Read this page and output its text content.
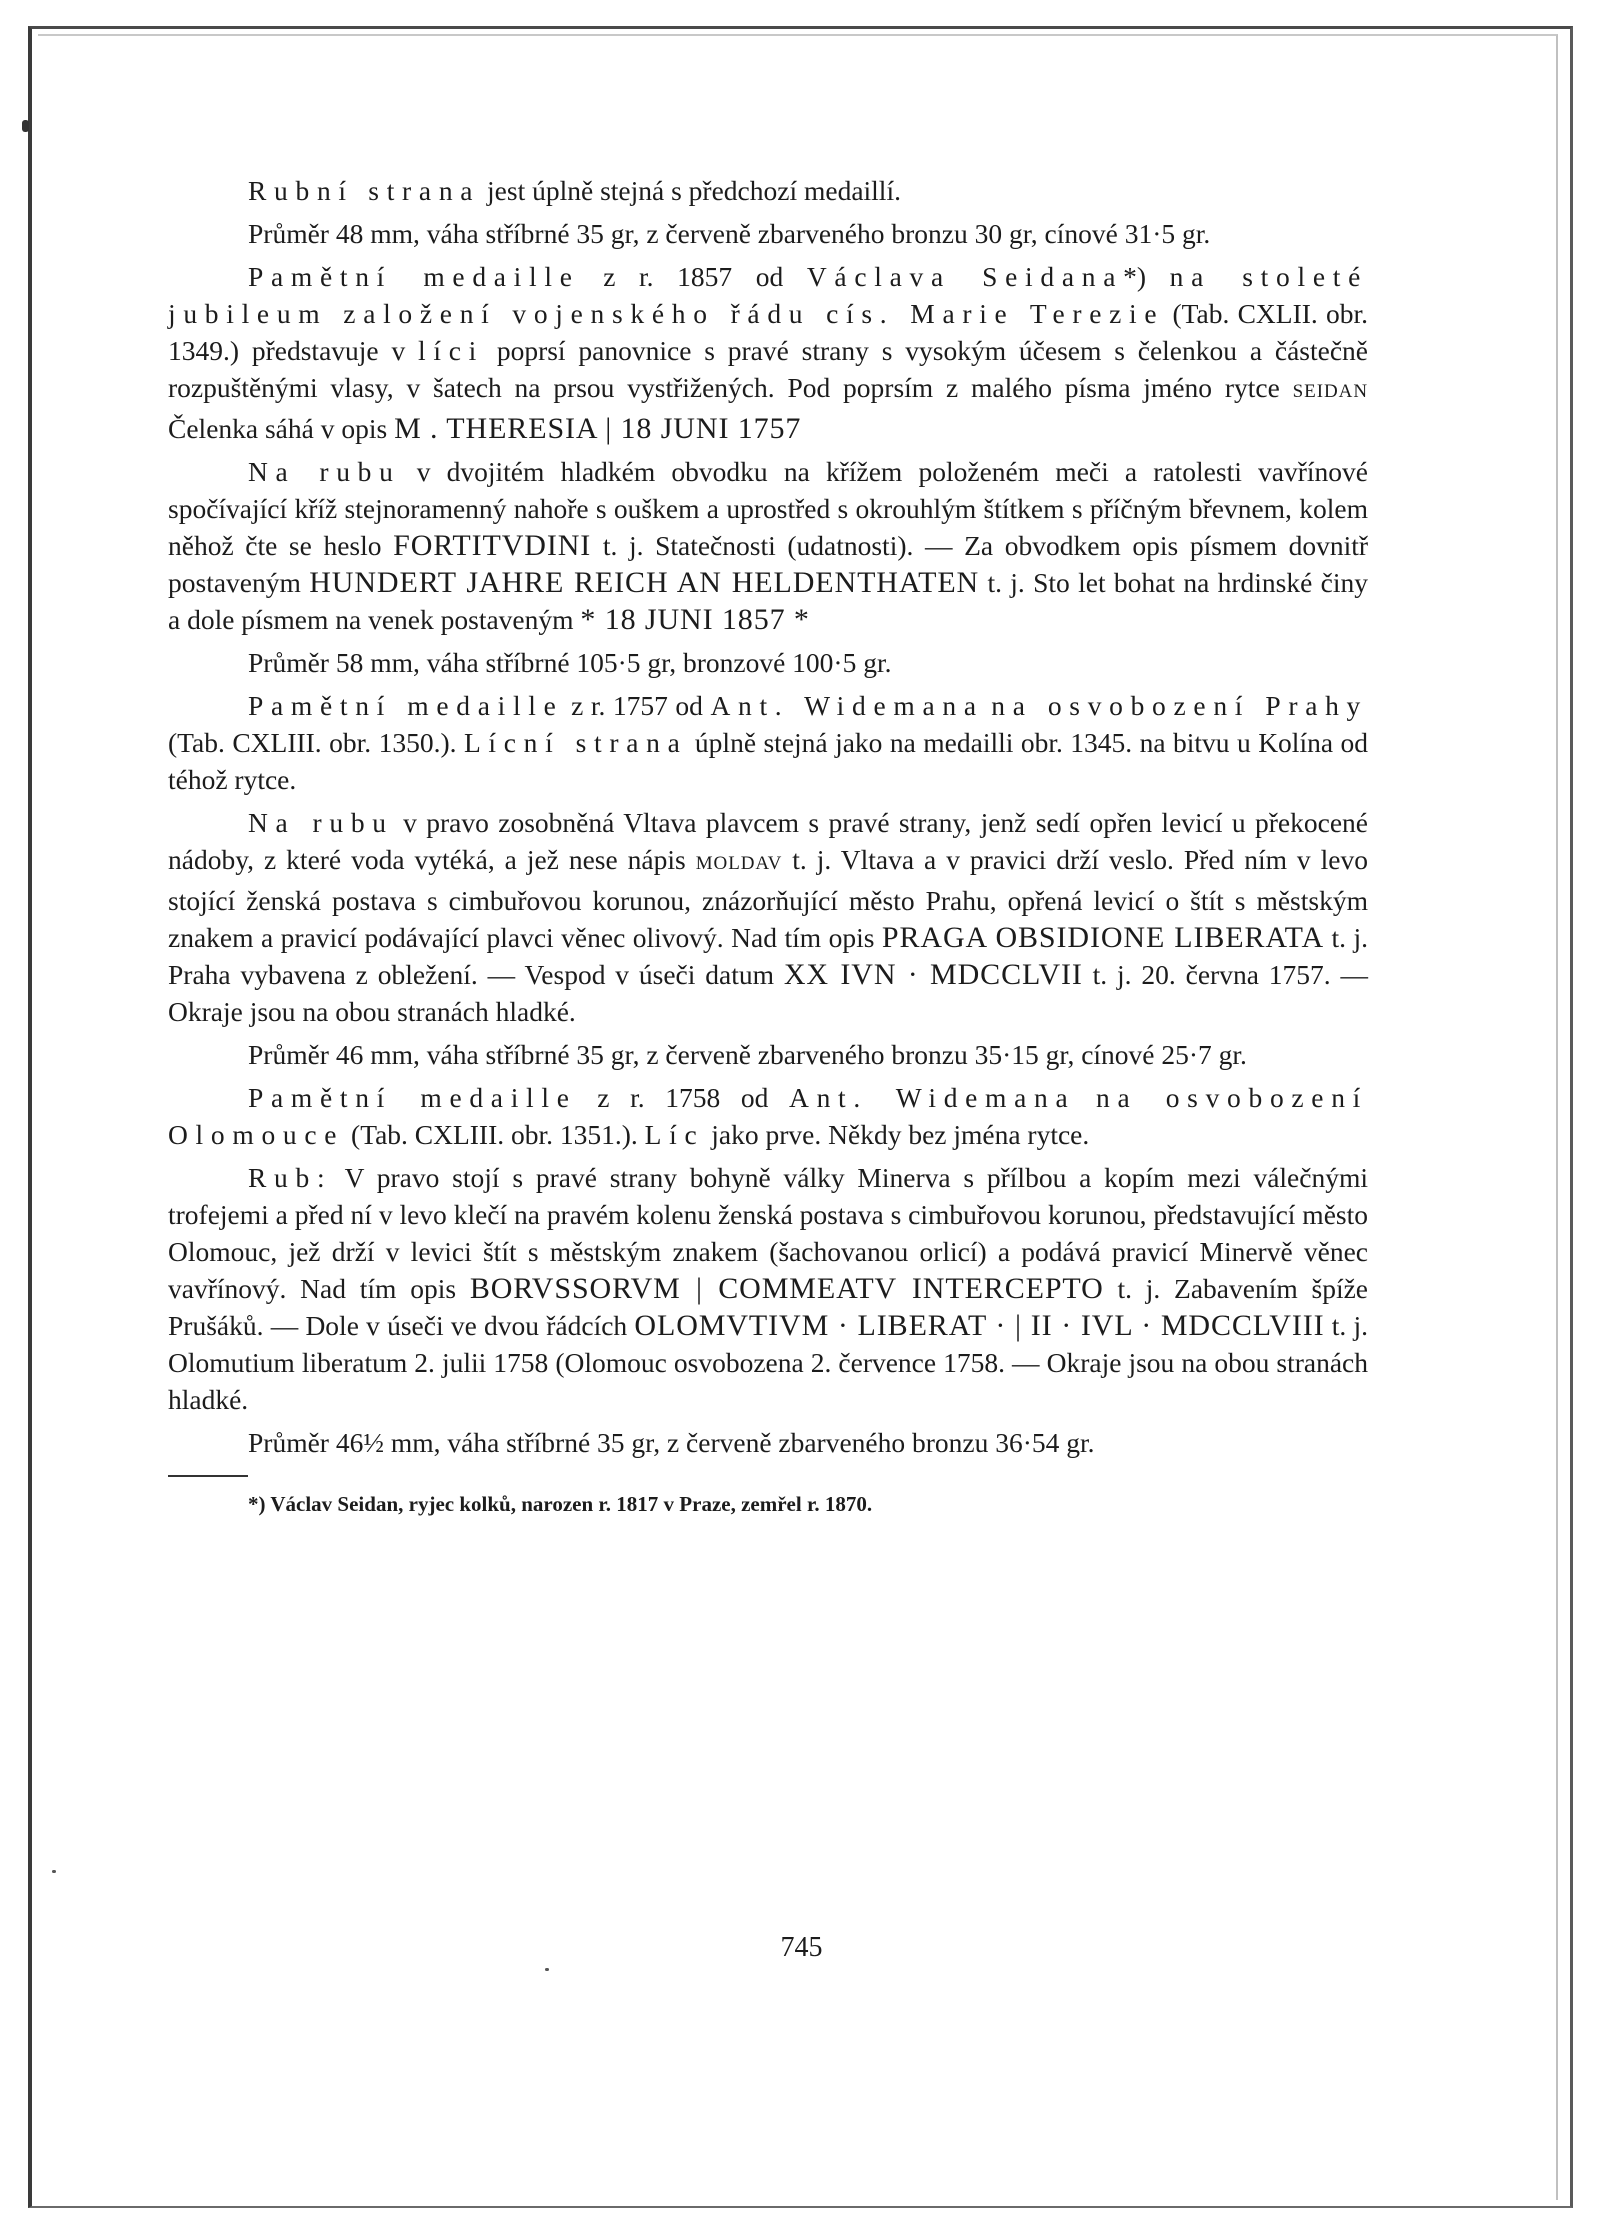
Rubní strana jest úplně stejná s předchozí medaillí.

Průměr 48 mm, váha stříbrné 35 gr, z červeně zbarveného bronzu 30 gr, cínové 31·5 gr.

Pamětní medaille z r. 1857 od Václava Seidana*) na stoleté jubileum založení vojenského řádu cís. Marie Terezie (Tab. CXLII. obr. 1349.) představuje v líci poprsí panovnice s pravé strany s vysokým účesem s čelenkou a částečně rozpuštěnými vlasy, v šatech na prsou vystřižených. Pod poprsím z malého písma jméno rytce SEIDAN Čelenka sáhá v opis M . THERESIA | 18 JUNI 1757

Na rubu v dvojitém hladkém obvodku na křížem položeném meči a ratolesti vavřínové spočívající kříž stejnoramenný nahoře s ouškem a uprostřed s okrouhlým štítkem s příčným břevnem, kolem něhož čte se heslo FORTITVDINI t. j. Statečnosti (udatnosti). — Za obvodkem opis písmem dovnitř postaveným HUNDERT JAHRE REICH AN HELDENTHATEN t. j. Sto let bohat na hrdinské činy a dole písmem na venek postaveným * 18 JUNI 1857 *

Průměr 58 mm, váha stříbrné 105·5 gr, bronzové 100·5 gr.

Pamětní medaille z r. 1757 od Ant. Widemana na osvobození Prahy (Tab. CXLIII. obr. 1350.). Lícní strana úplně stejná jako na medailli obr. 1345. na bitvu u Kolína od téhož rytce.

Na rubu v pravo zosobněná Vltava plavcem s pravé strany, jenž sedí opřen levicí u překocené nádoby, z které voda vytéká, a jež nese nápis MOLDAV t. j. Vltava a v pravici drží veslo. Před ním v levo stojící ženská postava s cimbuřovou korunou, znázorňující město Prahu, opřená levicí o štít s městským znakem a pravicí podávající plavci věnec olivový. Nad tím opis PRAGA OBSIDIONE LIBERATA t. j. Praha vybavena z obležení. — Vespod v úseči datum XX IVN · MDCCLVII t. j. 20. června 1757. — Okraje jsou na obou stranách hladké.

Průměr 46 mm, váha stříbrné 35 gr, z červeně zbarveného bronzu 35·15 gr, cínové 25·7 gr.

Pamětní medaille z r. 1758 od Ant. Widemana na osvobození Olomouce (Tab. CXLIII. obr. 1351.). Líc jako prve. Někdy bez jména rytce.

Rub: V pravo stojí s pravé strany bohyně války Minerva s přílbou a kopím mezi válečnými trofejemi a před ní v levo klečí na pravém kolenu ženská postava s cimbuřovou korunou, představující město Olomouc, jež drží v levici štít s městským znakem (šachovanou orlicí) a podává pravicí Minervě věnec vavřínový. Nad tím opis BORVSSORVM | COMMEATV INTERCEPTO t. j. Zabavením špíže Prušáků. — Dole v úseči ve dvou řádcích OLOMVTIVM · LIBERAT · | II · IVL · MDCCLVIII t. j. Olomutium liberatum 2. julii 1758 (Olomouc osvobozena 2. července 1758. — Okraje jsou na obou stranách hladké.

Průměr 46½ mm, váha stříbrné 35 gr, z červeně zbarveného bronzu 36·54 gr.

*) Václav Seidan, ryjec kolků, narozen r. 1817 v Praze, zemřel r. 1870.
745
